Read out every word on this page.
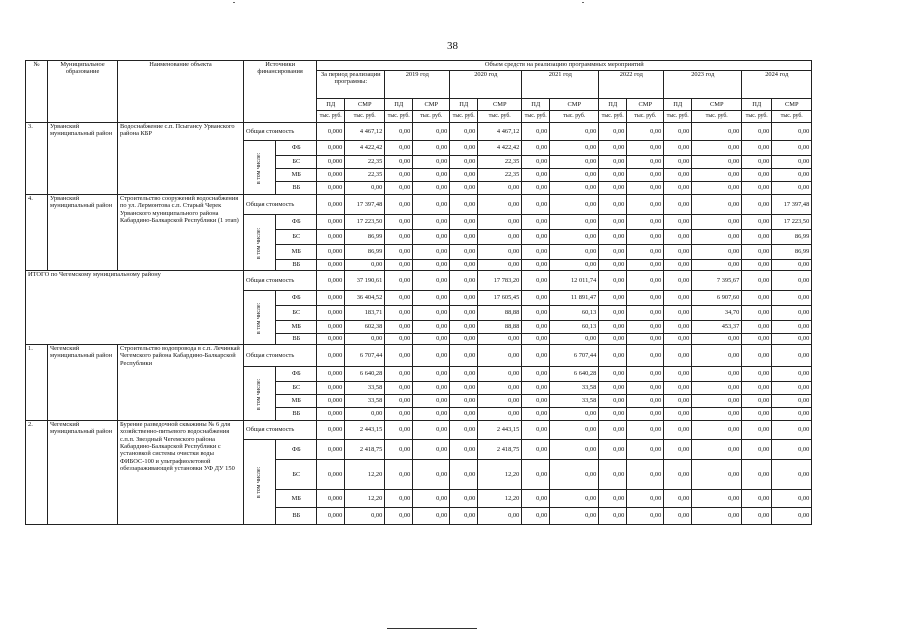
38
№	Муниципальное образование	Наименование объекта	Источники финансирования		Объем средств на реализацию программных мероприятий													
					За период реализации программы:		2019 год		2020 год		2021 год		2022 год		2023 год		2024 год	
					ПД	СМР	ПД	СМР	ПД	СМР	ПД	СМР	ПД	СМР	ПД	СМР	ПД	СМР
					тыс. руб.	тыс. руб.	тыс. руб.	тыс. руб.	тыс. руб.	тыс. руб.	тыс. руб.	тыс. руб.	тыс. руб.	тыс. руб.	тыс. руб.	тыс. руб.	тыс. руб.	тыс. руб.
3.	Урванский муниципальный район	Водоснабжение с.п. Псыгансу Урванского района КБР	Общая стоимость		0,000	4 467,12	0,00	0,00	0,00	4 467,12	0,00	0,00	0,00	0,00	0,00	0,00	0,00	0,00
			в том числе:	ФБ	0,000	4 422,42	0,00	0,00	0,00	4 422,42	0,00	0,00	0,00	0,00	0,00	0,00	0,00	0,00
				БС	0,000	22,35	0,00	0,00	0,00	22,35	0,00	0,00	0,00	0,00	0,00	0,00	0,00	0,00
				МБ	0,000	22,35	0,00	0,00	0,00	22,35	0,00	0,00	0,00	0,00	0,00	0,00	0,00	0,00
				ВБ	0,000	0,00	0,00	0,00	0,00	0,00	0,00	0,00	0,00	0,00	0,00	0,00	0,00	0,00
4.	Урванский муниципальный район	Строительство сооружений водоснабжения по ул. Лермонтова с.п. Старый Черек Урванского муниципального района Кабардино-Балкарской Республики (1 этап)	Общая стоимость		0,000	17 397,48	0,00	0,00	0,00	0,00	0,00	0,00	0,00	0,00	0,00	0,00	0,00	17 397,48
			в том числе:	ФБ	0,000	17 223,50	0,00	0,00	0,00	0,00	0,00	0,00	0,00	0,00	0,00	0,00	0,00	17 223,50
				БС	0,000	86,99	0,00	0,00	0,00	0,00	0,00	0,00	0,00	0,00	0,00	0,00	0,00	86,99
				МБ	0,000	86,99	0,00	0,00	0,00	0,00	0,00	0,00	0,00	0,00	0,00	0,00	0,00	86,99
				ВБ	0,000	0,00	0,00	0,00	0,00	0,00	0,00	0,00	0,00	0,00	0,00	0,00	0,00	0,00
ИТОГО по Чегемскому муниципальному району			Общая стоимость		0,000	37 190,61	0,00	0,00	0,00	17 783,20	0,00	12 011,74	0,00	0,00	0,00	7 395,67	0,00	0,00
			в том числе:	ФБ	0,000	36 404,52	0,00	0,00	0,00	17 605,45	0,00	11 891,47	0,00	0,00	0,00	6 907,60	0,00	0,00
				БС	0,000	183,71	0,00	0,00	0,00	88,88	0,00	60,13	0,00	0,00	0,00	34,70	0,00	0,00
				МБ	0,000	602,38	0,00	0,00	0,00	88,88	0,00	60,13	0,00	0,00	0,00	453,37	0,00	0,00
				ВБ	0,000	0,00	0,00	0,00	0,00	0,00	0,00	0,00	0,00	0,00	0,00	0,00	0,00	0,00
1.	Чегемский муниципальный район	Строительство водопровода в с.п. Лечинкай Чегемского района Кабардино-Балкарской Республики	Общая стоимость		0,000	6 707,44	0,00	0,00	0,00	0,00	0,00	6 707,44	0,00	0,00	0,00	0,00	0,00	0,00
			в том числе:	ФБ	0,000	6 640,28	0,00	0,00	0,00	0,00	0,00	6 640,28	0,00	0,00	0,00	0,00	0,00	0,00
				БС	0,000	33,58	0,00	0,00	0,00	0,00	0,00	33,58	0,00	0,00	0,00	0,00	0,00	0,00
				МБ	0,000	33,58	0,00	0,00	0,00	0,00	0,00	33,58	0,00	0,00	0,00	0,00	0,00	0,00
				ВБ	0,000	0,00	0,00	0,00	0,00	0,00	0,00	0,00	0,00	0,00	0,00	0,00	0,00	0,00
2.	Чегемский муниципальный район	Бурение разведочной скважины № 6 для хозяйственно-питьевого водоснабжения с.п.п. Звездный Чегемского района Кабардино-Балкарской Республики с установкой системы очистки воды ФИБОС-100 и ультрафиолетовой обеззараживающей установки УФ ДУ 150	Общая стоимость		0,000	2 443,15	0,00	0,00	0,00	2 443,15	0,00	0,00	0,00	0,00	0,00	0,00	0,00	0,00
			в том числе:	ФБ	0,000	2 418,75	0,00	0,00	0,00	2 418,75	0,00	0,00	0,00	0,00	0,00	0,00	0,00	0,00
				БС	0,000	12,20	0,00	0,00	0,00	12,20	0,00	0,00	0,00	0,00	0,00	0,00	0,00	0,00
				МБ	0,000	12,20	0,00	0,00	0,00	12,20	0,00	0,00	0,00	0,00	0,00	0,00	0,00	0,00
				ВБ	0,000	0,00	0,00	0,00	0,00	0,00	0,00	0,00	0,00	0,00	0,00	0,00	0,00	0,00
